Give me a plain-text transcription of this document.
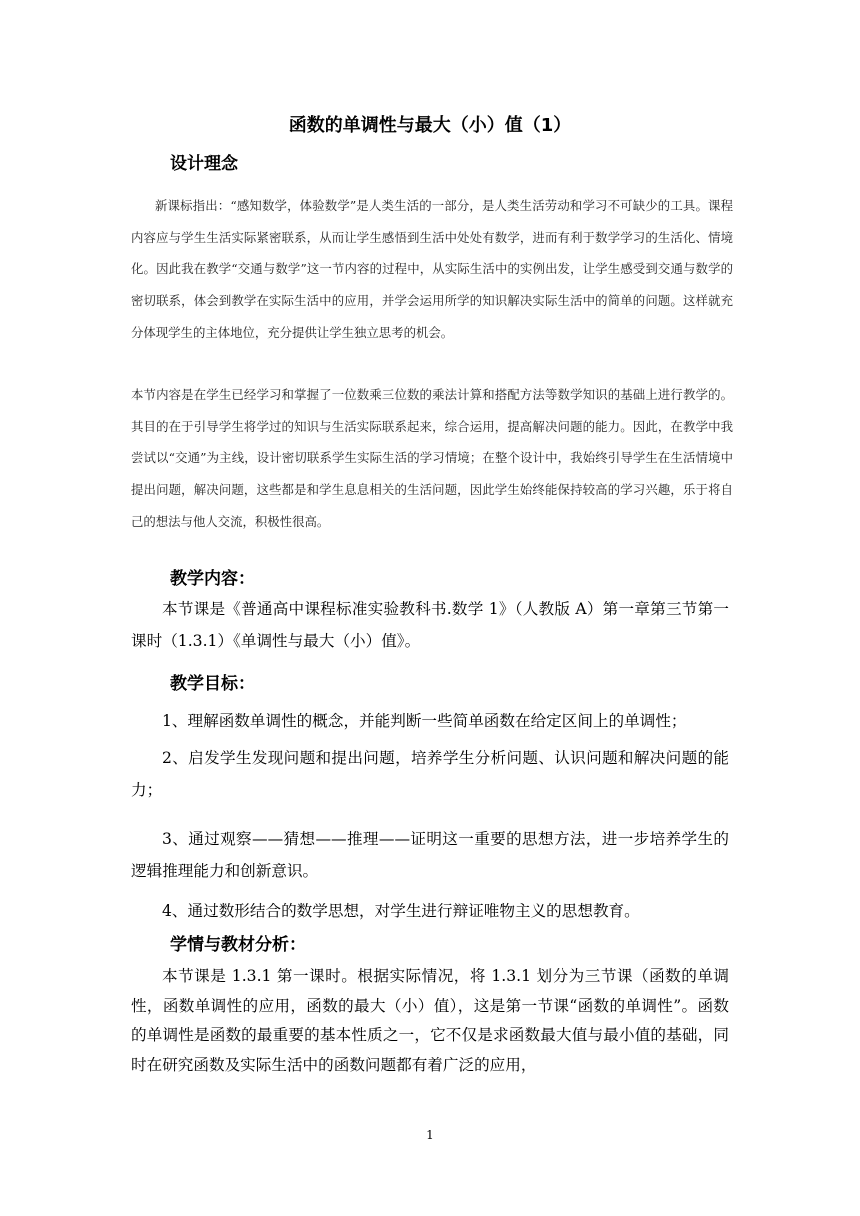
函数的单调性与最大（小）值（1）
设计理念
新课标指出：“感知数学，体验数学”是人类生活的一部分，是人类生活劳动和学习不可缺少的工具。课程内容应与学生生活实际紧密联系，从而让学生感悟到生活中处处有数学，进而有利于数学学习的生活化、情境化。因此我在教学“交通与数学”这一节内容的过程中，从实际生活中的实例出发，让学生感受到交通与数学的密切联系，体会到教学在实际生活中的应用，并学会运用所学的知识解决实际生活中的简单的问题。这样就充分体现学生的主体地位，充分提供让学生独立思考的机会。
本节内容是在学生已经学习和掌握了一位数乘三位数的乘法计算和搭配方法等数学知识的基础上进行教学的。其目的在于引导学生将学过的知识与生活实际联系起来，综合运用，提高解决问题的能力。因此，在教学中我尝试以“交通”为主线，设计密切联系学生实际生活的学习情境；在整个设计中，我始终引导学生在生活情境中提出问题，解决问题，这些都是和学生息息相关的生活问题，因此学生始终能保持较高的学习兴趣，乐于将自己的想法与他人交流，积极性很高。
教学内容：
本节课是《普通高中课程标准实验教科书.数学 1》（人教版 A）第一章第三节第一课时（1.3.1）《单调性与最大（小）值》。
教学目标：
1、理解函数单调性的概念，并能判断一些简单函数在给定区间上的单调性；
2、启发学生发现问题和提出问题，培养学生分析问题、认识问题和解决问题的能力；
3、通过观察——猜想——推理——证明这一重要的思想方法，进一步培养学生的逻辑推理能力和创新意识。
4、通过数形结合的数学思想，对学生进行辩证唯物主义的思想教育。
学情与教材分析：
本节课是 1.3.1 第一课时。根据实际情况，将 1.3.1 划分为三节课（函数的单调性，函数单调性的应用，函数的最大（小）值），这是第一节课“函数的单调性”。函数的单调性是函数的最重要的基本性质之一，它不仅是求函数最大值与最小值的基础，同时在研究函数及实际生活中的函数问题都有着广泛的应用，
1
